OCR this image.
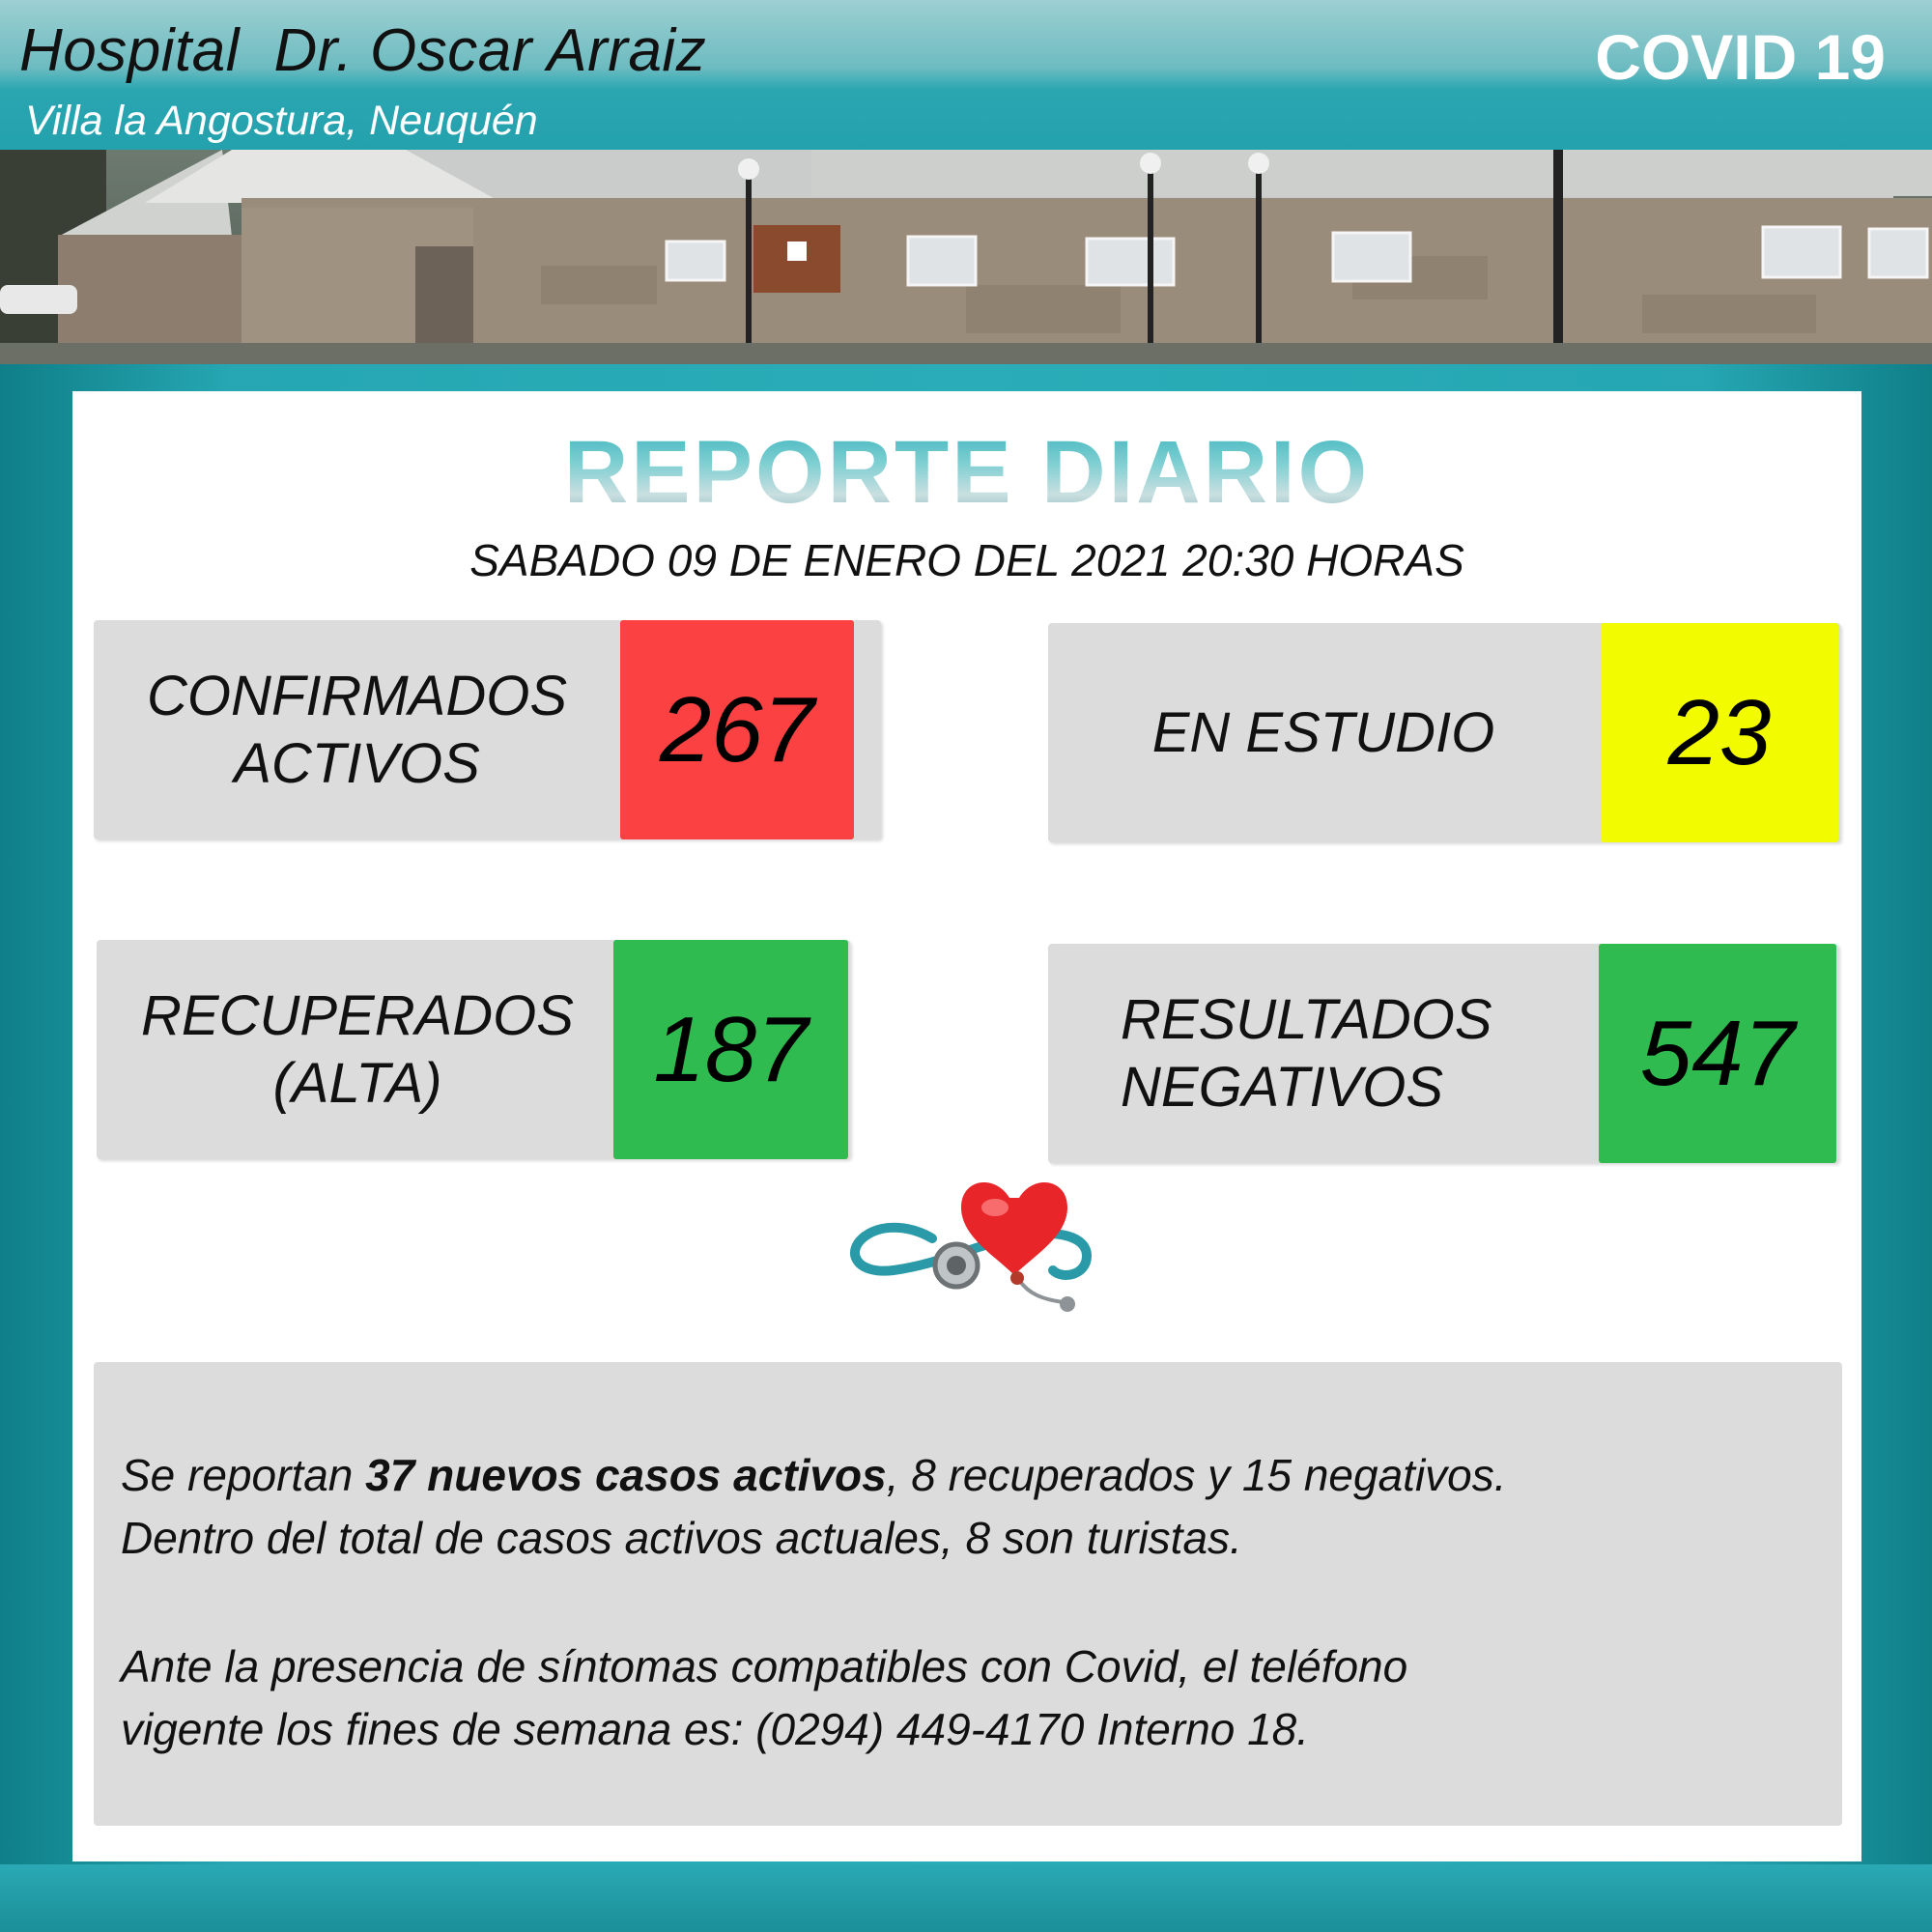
Hospital  Dr. Oscar Arraiz
Villa la Angostura, Neuquén
COVID 19
REPORTE DIARIO
SABADO 09 DE ENERO DEL 2021 20:30 HORAS
CONFIRMADOS
ACTIVOS	267	EN ESTUDIO	23
RECUPERADOS
(ALTA)	187	RESULTADOS
NEGATIVOS	547

Se reportan 37 nuevos casos activos, 8 recuperados y 15 negativos.

Dentro del total de casos activos actuales, 8 son turistas.

Ante la presencia de síntomas compatibles con Covid, el teléfono

vigente los fines de semana es: (0294) 449-4170 Interno 18.
